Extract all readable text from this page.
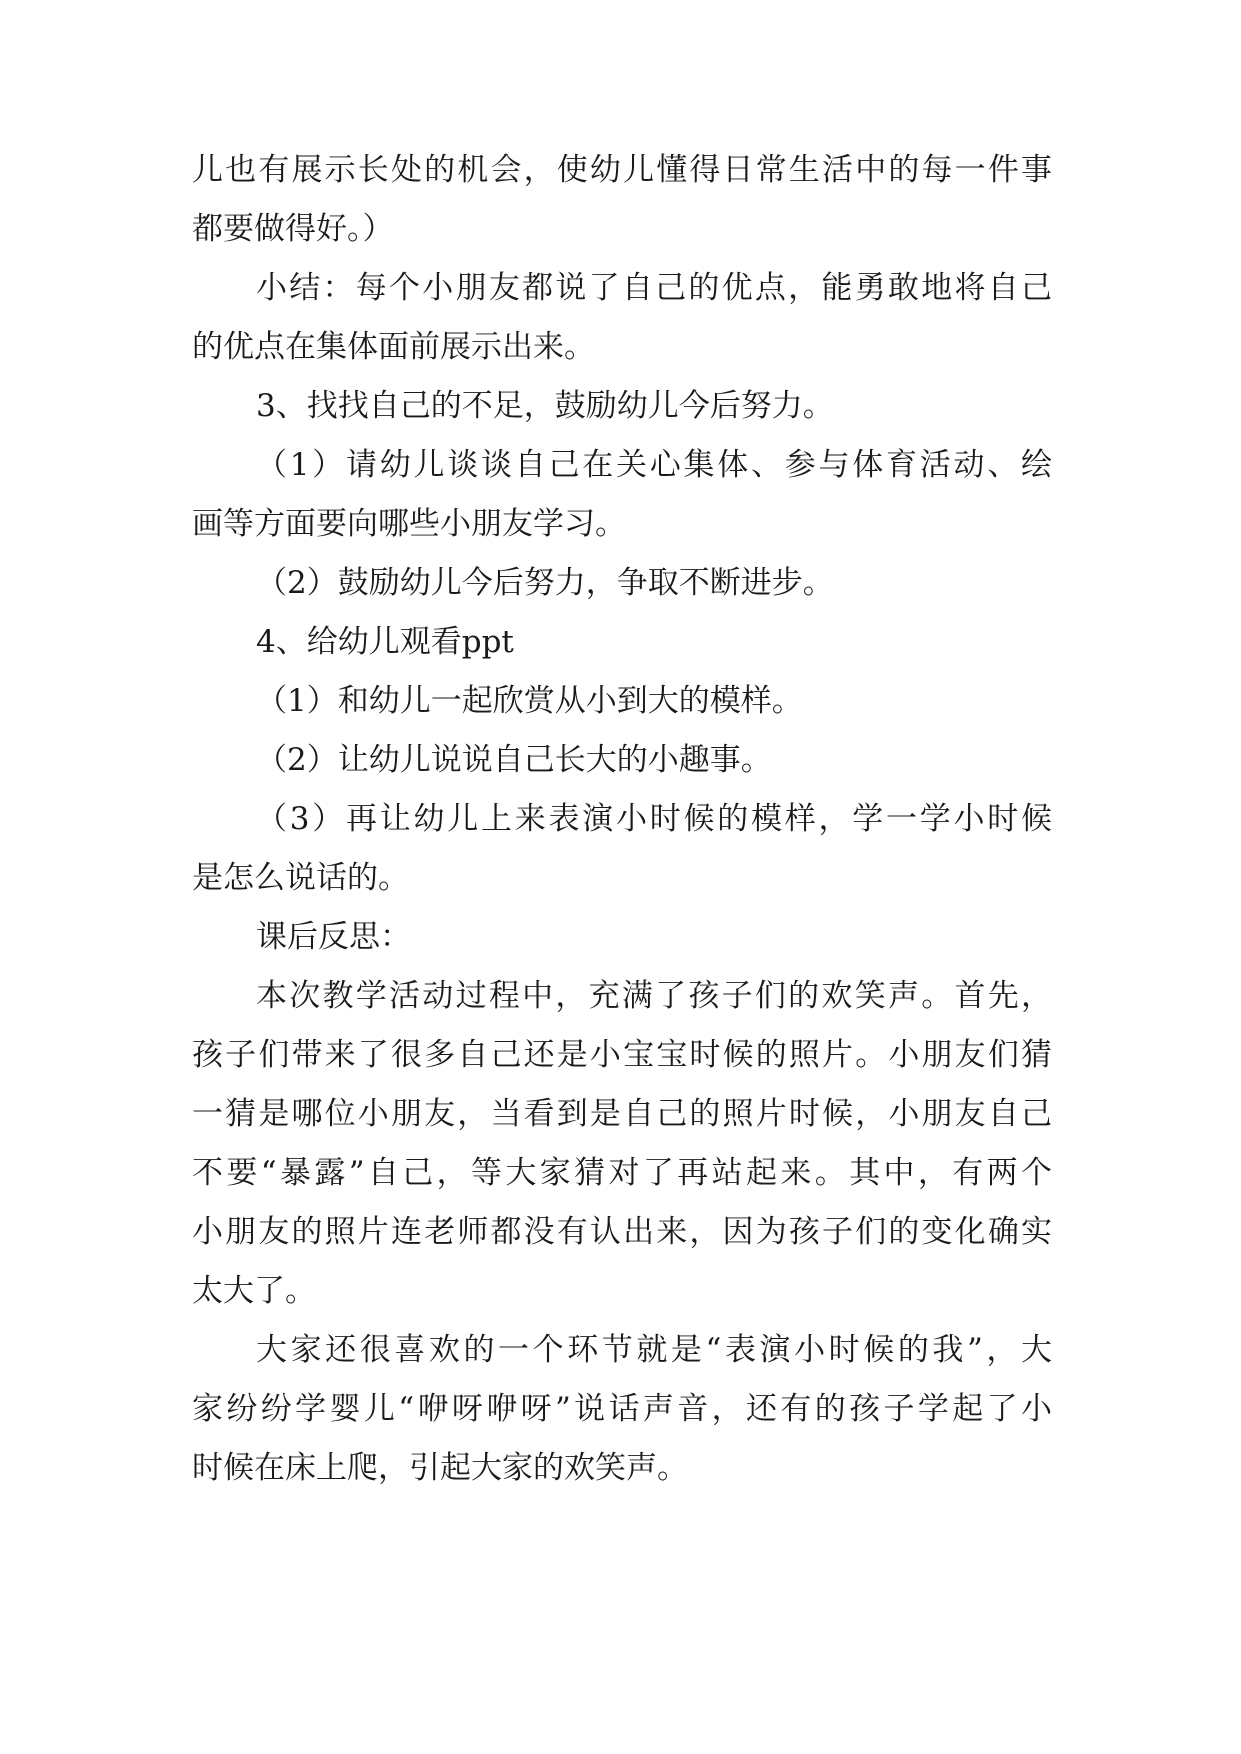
儿也有展示长处的机会，使幼儿懂得日常生活中的每一件事
都要做得好。）
小结：每个小朋友都说了自己的优点，能勇敢地将自己
的优点在集体面前展示出来。
3、找找自己的不足，鼓励幼儿今后努力。
（1）请幼儿谈谈自己在关心集体、参与体育活动、绘
画等方面要向哪些小朋友学习。
（2）鼓励幼儿今后努力，争取不断进步。
4、给幼儿观看ppt
（1）和幼儿一起欣赏从小到大的模样。
（2）让幼儿说说自己长大的小趣事。
（3）再让幼儿上来表演小时候的模样，学一学小时候
是怎么说话的。
课后反思：
本次教学活动过程中，充满了孩子们的欢笑声。首先，
孩子们带来了很多自己还是小宝宝时候的照片。小朋友们猜
一猜是哪位小朋友，当看到是自己的照片时候，小朋友自己
不要“暴露”自己，等大家猜对了再站起来。其中，有两个
小朋友的照片连老师都没有认出来，因为孩子们的变化确实
太大了。
大家还很喜欢的一个环节就是“表演小时候的我”，大
家纷纷学婴儿“咿呀咿呀”说话声音，还有的孩子学起了小
时候在床上爬，引起大家的欢笑声。
